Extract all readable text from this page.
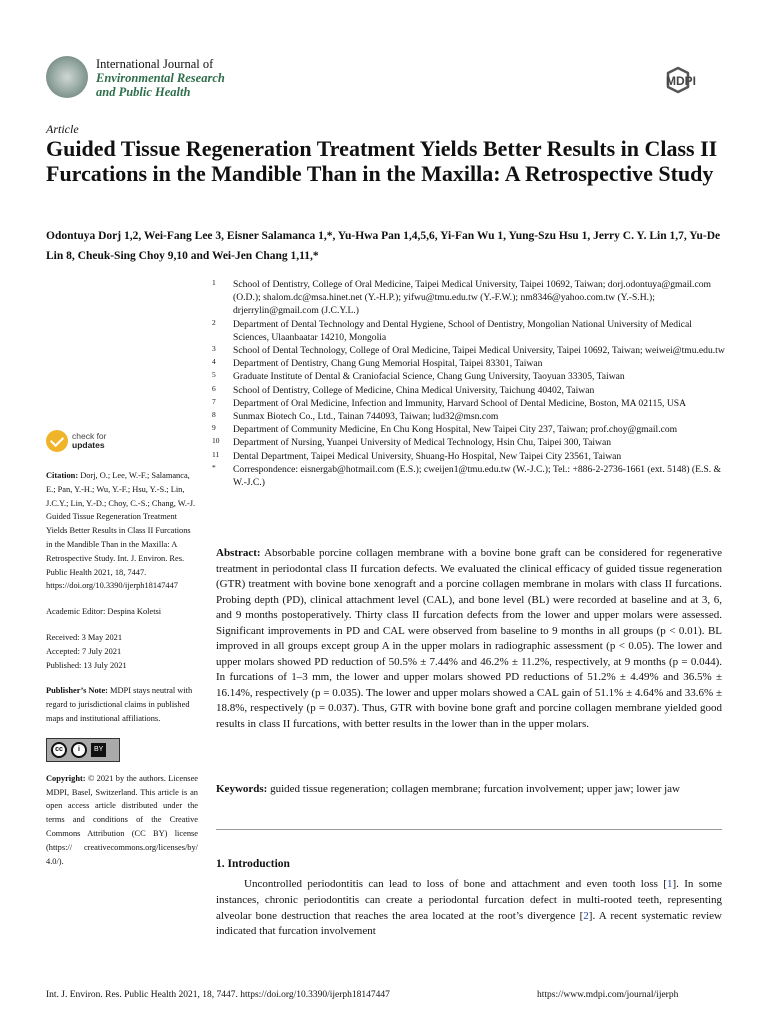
International Journal of
Environmental Research
and Public Health
MDPI
Article
Guided Tissue Regeneration Treatment Yields Better Results in Class II Furcations in the Mandible Than in the Maxilla: A Retrospective Study
Odontuya Dorj 1,2, Wei-Fang Lee 3, Eisner Salamanca 1,*, Yu-Hwa Pan 1,4,5,6, Yi-Fan Wu 1, Yung-Szu Hsu 1, Jerry C. Y. Lin 1,7, Yu-De Lin 8, Cheuk-Sing Choy 9,10 and Wei-Jen Chang 1,11,*
1 School of Dentistry, College of Oral Medicine, Taipei Medical University, Taipei 10692, Taiwan; dorj.odontuya@gmail.com (O.D.); shalom.dc@msa.hinet.net (Y.-H.P.); yifwu@tmu.edu.tw (Y.-F.W.); nm8346@yahoo.com.tw (Y.-S.H.); drjerrylin@gmail.com (J.C.Y.L.)
2 Department of Dental Technology and Dental Hygiene, School of Dentistry, Mongolian National University of Medical Sciences, Ulaanbaatar 14210, Mongolia
3 School of Dental Technology, College of Oral Medicine, Taipei Medical University, Taipei 10692, Taiwan; weiwei@tmu.edu.tw
4 Department of Dentistry, Chang Gung Memorial Hospital, Taipei 83301, Taiwan
5 Graduate Institute of Dental & Craniofacial Science, Chang Gung University, Taoyuan 33305, Taiwan
6 School of Dentistry, College of Medicine, China Medical University, Taichung 40402, Taiwan
7 Department of Oral Medicine, Infection and Immunity, Harvard School of Dental Medicine, Boston, MA 02115, USA
8 Sunmax Biotech Co., Ltd., Tainan 744093, Taiwan; lud32@msn.com
9 Department of Community Medicine, En Chu Kong Hospital, New Taipei City 237, Taiwan; prof.choy@gmail.com
10 Department of Nursing, Yuanpei University of Medical Technology, Hsin Chu, Taipei 300, Taiwan
11 Dental Department, Taipei Medical University, Shuang-Ho Hospital, New Taipei City 23561, Taiwan
* Correspondence: eisnergab@hotmail.com (E.S.); cweijen1@tmu.edu.tw (W.-J.C.); Tel.: +886-2-2736-1661 (ext. 5148) (E.S. & W.-J.C.)
check for
updates
Citation: Dorj, O.; Lee, W.-F.; Salamanca, E.; Pan, Y.-H.; Wu, Y.-F.; Hsu, Y.-S.; Lin, J.C.Y.; Lin, Y.-D.; Choy, C.-S.; Chang, W.-J. Guided Tissue Regeneration Treatment Yields Better Results in Class II Furcations in the Mandible Than in the Maxilla: A Retrospective Study. Int. J. Environ. Res. Public Health 2021, 18, 7447. https://doi.org/10.3390/ijerph18147447
Academic Editor: Despina Koletsi
Received: 3 May 2021
Accepted: 7 July 2021
Published: 13 July 2021
Publisher’s Note: MDPI stays neutral with regard to jurisdictional claims in published maps and institutional affiliations.
cc	i	BY
Copyright: © 2021 by the authors. Licensee MDPI, Basel, Switzerland. This article is an open access article distributed under the terms and conditions of the Creative Commons Attribution (CC BY) license (https:// creativecommons.org/licenses/by/ 4.0/).
Abstract: Absorbable porcine collagen membrane with a bovine bone graft can be considered for regenerative treatment in periodontal class II furcation defects. We evaluated the clinical efficacy of guided tissue regeneration (GTR) treatment with bovine bone xenograft and a porcine collagen membrane in molars with class II furcations. Probing depth (PD), clinical attachment level (CAL), and bone level (BL) were recorded at baseline and at 3, 6, and 9 months postoperatively. Thirty class II furcation defects from the lower and upper molars were assessed. Significant improvements in PD and CAL were observed from baseline to 9 months in all groups (p < 0.01). BL improved in all groups except group A in the upper molars in radiographic assessment (p < 0.05). The lower and upper molars showed PD reduction of 50.5% ± 7.44% and 46.2% ± 11.2%, respectively, at 9 months (p = 0.044). In furcations of 1–3 mm, the lower and upper molars showed PD reductions of 51.2% ± 4.49% and 36.5% ± 16.14%, respectively (p = 0.035). The lower and upper molars showed a CAL gain of 51.1% ± 4.64% and 33.6% ± 18.8%, respectively (p = 0.037). Thus, GTR with bovine bone graft and porcine collagen membrane yielded good results in class II furcations, with better results in the lower than in the upper molars.
Keywords: guided tissue regeneration; collagen membrane; furcation involvement; upper jaw; lower jaw
1. Introduction
Uncontrolled periodontitis can lead to loss of bone and attachment and even tooth loss [1]. In some instances, chronic periodontitis can create a periodontal furcation defect in multi-rooted teeth, representing alveolar bone destruction that reaches the area located at the root’s divergence [2]. A recent systematic review indicated that furcation involvement
Int. J. Environ. Res. Public Health 2021, 18, 7447. https://doi.org/10.3390/ijerph18147447	https://www.mdpi.com/journal/ijerph
